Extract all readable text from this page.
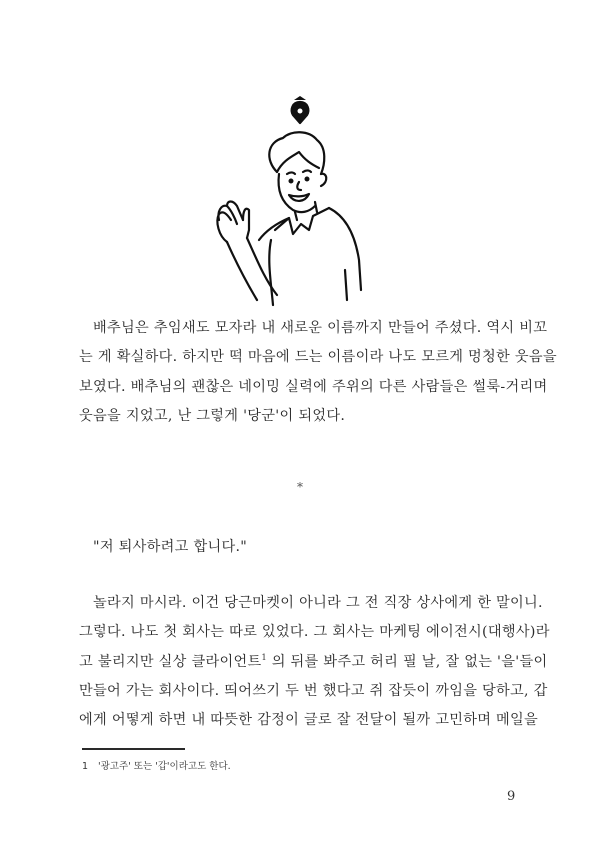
배추님은 추임새도 모자라 내 새로운 이름까지 만들어 주셨다. 역시 비꼬
는 게 확실하다. 하지만 떡 마음에 드는 이름이라 나도 모르게 멍청한 웃음을
보였다. 배추님의 괜찮은 네이밍 실력에 주위의 다른 사람들은 썰룩-거리며
웃음을 지었고, 난 그렇게 '당군'이 되었다.
*
"저 퇴사하려고 합니다."
놀라지 마시라. 이건 당근마켓이 아니라 그 전 직장 상사에게 한 말이니.
그렇다. 나도 첫 회사는 따로 있었다. 그 회사는 마케팅 에이전시(대행사)라
고 불리지만 실상 클라이언트$^1$ 의 뒤를 봐주고 허리 필 날, 잘 없는 '을'들이
만들어 가는 회사이다. 띄어쓰기 두 번 했다고 쥐 잡듯이 까임을 당하고, 갑
에게 어떻게 하면 내 따뜻한 감정이 글로 잘 전달이 될까 고민하며 메일을
1 '광고주' 또는 '갑'이라고도 한다.
9
